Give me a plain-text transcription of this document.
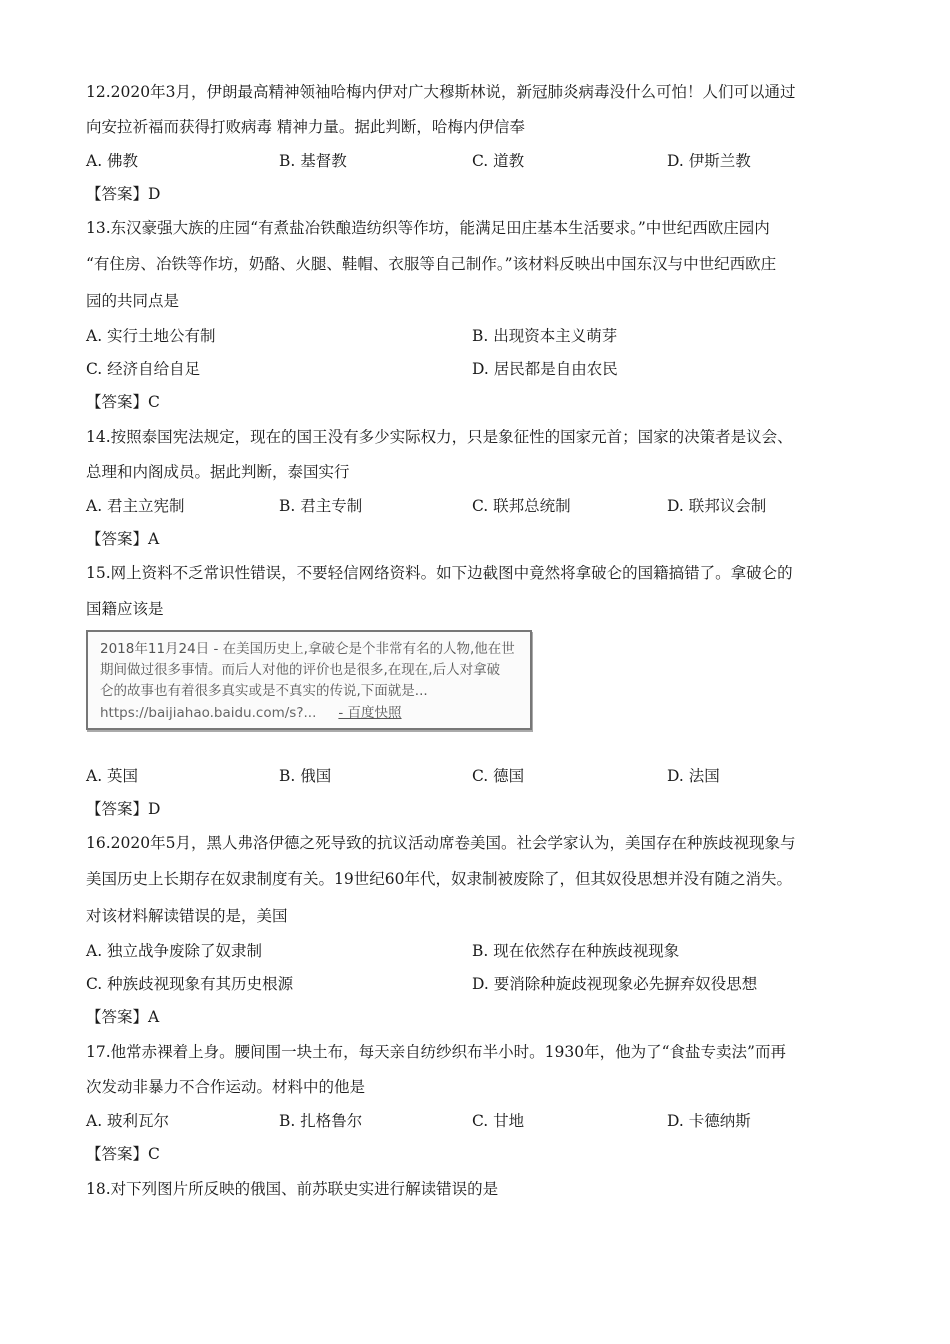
12.2020年3月，伊朗最高精神领袖哈梅内伊对广大穆斯林说，新冠肺炎病毒没什么可怕！人们可以通过
向安拉祈福而获得打败病毒 精神力量。据此判断，哈梅内伊信奉
A. 佛教	B. 基督教	C. 道教	D. 伊斯兰教
【答案】D
13.东汉豪强大族的庄园“有煮盐冶铁酿造纺织等作坊，能满足田庄基本生活要求。”中世纪西欧庄园内
“有住房、冶铁等作坊，奶酪、火腿、鞋帽、衣服等自己制作。”该材料反映出中国东汉与中世纪西欧庄
园的共同点是
A. 实行土地公有制	B. 出现资本主义萌芽
C. 经济自给自足	D. 居民都是自由农民
【答案】C
14.按照泰国宪法规定，现在的国王没有多少实际权力，只是象征性的国家元首；国家的决策者是议会、
总理和内阁成员。据此判断，泰国实行
A. 君主立宪制	B. 君主专制	C. 联邦总统制	D. 联邦议会制
【答案】A
15.网上资料不乏常识性错误，不要轻信网络资料。如下边截图中竟然将拿破仑的国籍搞错了。拿破仑的
国籍应该是
2018年11月24日 - 在美国历史上,拿破仑是个非常有名的人物,他在世
期间做过很多事情。而后人对他的评价也是很多,在现在,后人对拿破
仑的故事也有着很多真实或是不真实的传说,下面就是...
https://baijiahao.baidu.com/s?... - 百度快照
A. 英国	B. 俄国	C. 德国	D. 法国
【答案】D
16.2020年5月，黑人弗洛伊德之死导致的抗议活动席卷美国。社会学家认为，美国存在种族歧视现象与
美国历史上长期存在奴隶制度有关。19世纪60年代，奴隶制被废除了，但其奴役思想并没有随之消失。
对该材料解读错误的是，美国
A. 独立战争废除了奴隶制	B. 现在依然存在种族歧视现象
C. 种族歧视现象有其历史根源	D. 要消除种旋歧视现象必先摒弃奴役思想
【答案】A
17.他常赤裸着上身。腰间围一块土布，每天亲自纺纱织布半小时。1930年，他为了“食盐专卖法”而再
次发动非暴力不合作运动。材料中的他是
A. 玻利瓦尔	B. 扎格鲁尔	C. 甘地	D. 卡德纳斯
【答案】C
18.对下列图片所反映的俄国、前苏联史实进行解读错误的是
